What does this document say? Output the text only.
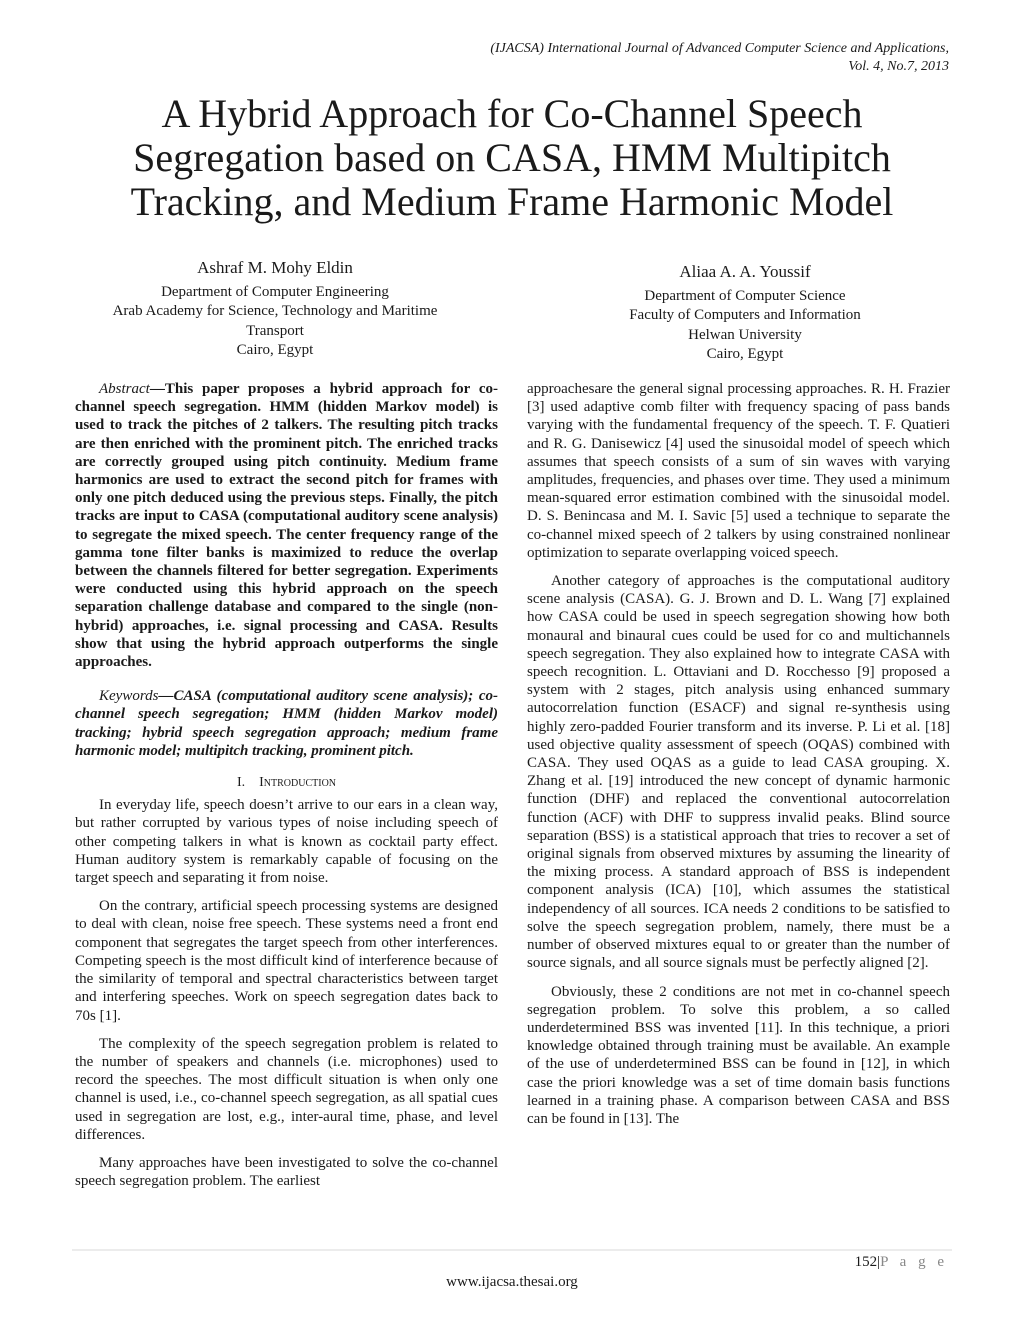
(IJACSA) International Journal of Advanced Computer Science and Applications,
Vol. 4, No.7, 2013
A Hybrid Approach for Co-Channel Speech
Segregation based on CASA, HMM Multipitch
Tracking, and Medium Frame Harmonic Model
Ashraf M. Mohy Eldin
Department of Computer Engineering
Arab Academy for Science, Technology and Maritime
Transport
Cairo, Egypt
Aliaa A. A. Youssif
Department of Computer Science
Faculty of Computers and Information
Helwan University
Cairo, Egypt

Abstract—This paper proposes a hybrid approach for co-channel speech segregation. HMM (hidden Markov model) is used to track the pitches of 2 talkers. The resulting pitch tracks are then enriched with the prominent pitch. The enriched tracks are correctly grouped using pitch continuity. Medium frame harmonics are used to extract the second pitch for frames with only one pitch deduced using the previous steps. Finally, the pitch tracks are input to CASA (computational auditory scene analysis) to segregate the mixed speech. The center frequency range of the gamma tone filter banks is maximized to reduce the overlap between the channels filtered for better segregation. Experiments were conducted using this hybrid approach on the speech separation challenge database and compared to the single (non-hybrid) approaches, i.e. signal processing and CASA. Results show that using the hybrid approach outperforms the single approaches.

Keywords—CASA (computational auditory scene analysis); co-channel speech segregation; HMM (hidden Markov model) tracking; hybrid speech segregation approach; medium frame harmonic model; multipitch tracking, prominent pitch.

I. Introduction

In everyday life, speech doesn’t arrive to our ears in a clean way, but rather corrupted by various types of noise including speech of other competing talkers in what is known as cocktail party effect. Human auditory system is remarkably capable of focusing on the target speech and separating it from noise.

On the contrary, artificial speech processing systems are designed to deal with clean, noise free speech. These systems need a front end component that segregates the target speech from other interferences. Competing speech is the most difficult kind of interference because of the similarity of temporal and spectral characteristics between target and interfering speeches. Work on speech segregation dates back to 70s [1].

The complexity of the speech segregation problem is related to the number of speakers and channels (i.e. microphones) used to record the speeches. The most difficult situation is when only one channel is used, i.e., co-channel speech segregation, as all spatial cues used in segregation are lost, e.g., inter-aural time, phase, and level differences.

Many approaches have been investigated to solve the co-channel speech segregation problem. The earliest

approachesare the general signal processing approaches. R. H. Frazier [3] used adaptive comb filter with frequency spacing of pass bands varying with the fundamental frequency of the speech. T. F. Quatieri and R. G. Danisewicz [4] used the sinusoidal model of speech which assumes that speech consists of a sum of sin waves with varying amplitudes, frequencies, and phases over time. They used a minimum mean-squared error estimation combined with the sinusoidal model. D. S. Benincasa and M. I. Savic [5] used a technique to separate the co-channel mixed speech of 2 talkers by using constrained nonlinear optimization to separate overlapping voiced speech.

Another category of approaches is the computational auditory scene analysis (CASA). G. J. Brown and D. L. Wang [7] explained how CASA could be used in speech segregation showing how both monaural and binaural cues could be used for co and multichannels speech segregation. They also explained how to integrate CASA with speech recognition. L. Ottaviani and D. Rocchesso [9] proposed a system with 2 stages, pitch analysis using enhanced summary autocorrelation function (ESACF) and signal re-synthesis using highly zero-padded Fourier transform and its inverse. P. Li et al. [18] used objective quality assessment of speech (OQAS) combined with CASA. They used OQAS as a guide to lead CASA grouping. X. Zhang et al. [19] introduced the new concept of dynamic harmonic function (DHF) and replaced the conventional autocorrelation function (ACF) with DHF to suppress invalid peaks. Blind source separation (BSS) is a statistical approach that tries to recover a set of original signals from observed mixtures by assuming the linearity of the mixing process. A standard approach of BSS is independent component analysis (ICA) [10], which assumes the statistical independency of all sources. ICA needs 2 conditions to be satisfied to solve the speech segregation problem, namely, there must be a number of observed mixtures equal to or greater than the number of source signals, and all source signals must be perfectly aligned [2].

Obviously, these 2 conditions are not met in co-channel speech segregation problem. To solve this problem, a so called underdetermined BSS was invented [11]. In this technique, a priori knowledge obtained through training must be available. An example of the use of underdetermined BSS can be found in [12], in which case the priori knowledge was a set of time domain basis functions learned in a training phase. A comparison between CASA and BSS can be found in [13]. The

152|P a g e
www.ijacsa.thesai.org
